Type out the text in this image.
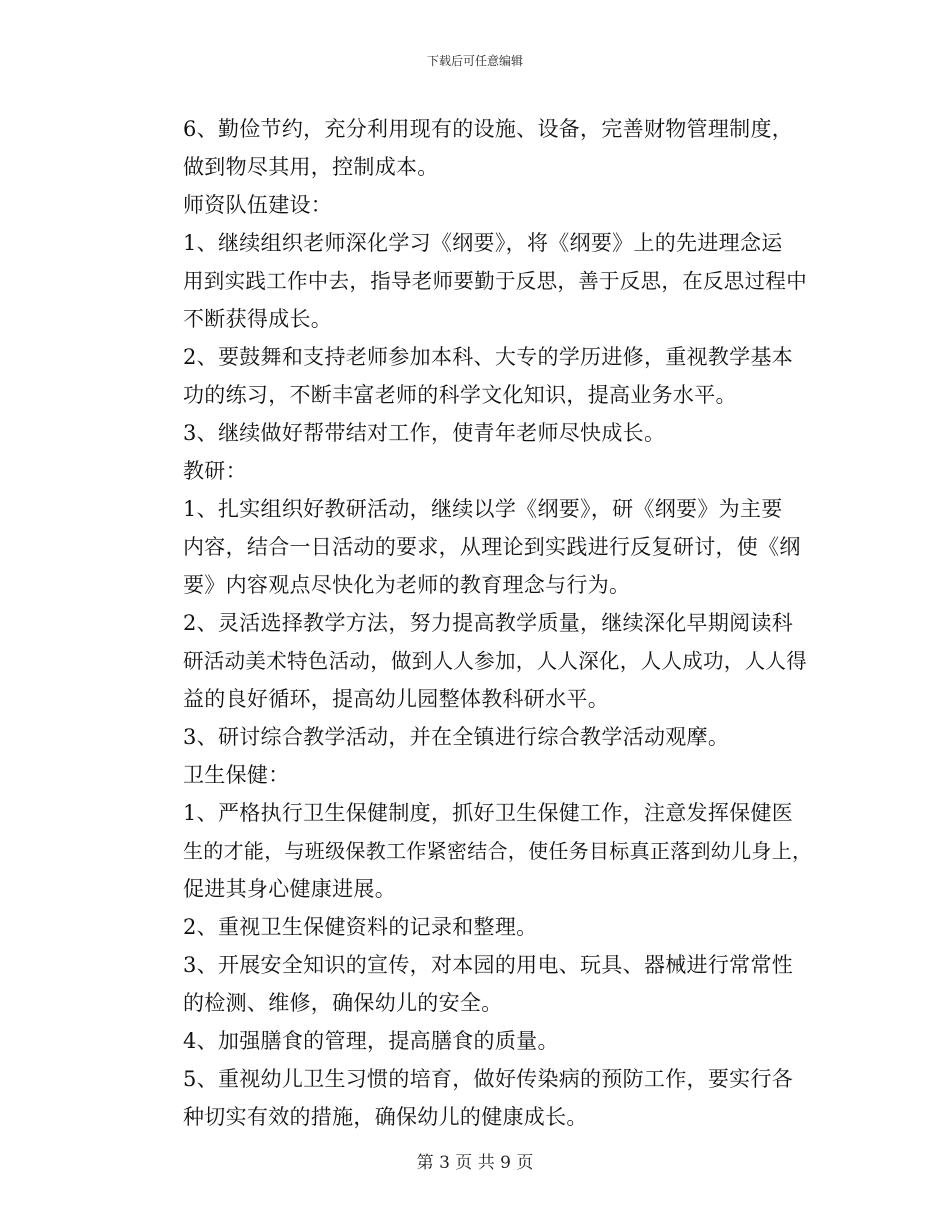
下载后可任意编辑

6、勤俭节约，充分利用现有的设施、设备，完善财物管理制度，
做到物尽其用，控制成本。

师资队伍建设：

1、继续组织老师深化学习《纲要》，将《纲要》上的先进理念运
用到实践工作中去，指导老师要勤于反思，善于反思，在反思过程中
不断获得成长。

2、要鼓舞和支持老师参加本科、大专的学历进修，重视教学基本
功的练习，不断丰富老师的科学文化知识，提高业务水平。

3、继续做好帮带结对工作，使青年老师尽快成长。

教研：

1、扎实组织好教研活动，继续以学《纲要》，研《纲要》为主要
内容，结合一日活动的要求，从理论到实践进行反复研讨，使《纲
要》内容观点尽快化为老师的教育理念与行为。

2、灵活选择教学方法，努力提高教学质量，继续深化早期阅读科
研活动美术特色活动，做到人人参加，人人深化，人人成功，人人得
益的良好循环，提高幼儿园整体教科研水平。

3、研讨综合教学活动，并在全镇进行综合教学活动观摩。

卫生保健：

1、严格执行卫生保健制度，抓好卫生保健工作，注意发挥保健医
生的才能，与班级保教工作紧密结合，使任务目标真正落到幼儿身上，
促进其身心健康进展。

2、重视卫生保健资料的记录和整理。

3、开展安全知识的宣传，对本园的用电、玩具、器械进行常常性
的检测、维修，确保幼儿的安全。

4、加强膳食的管理，提高膳食的质量。

5、重视幼儿卫生习惯的培育，做好传染病的预防工作，要实行各
种切实有效的措施，确保幼儿的健康成长。

第 3 页 共 9 页
